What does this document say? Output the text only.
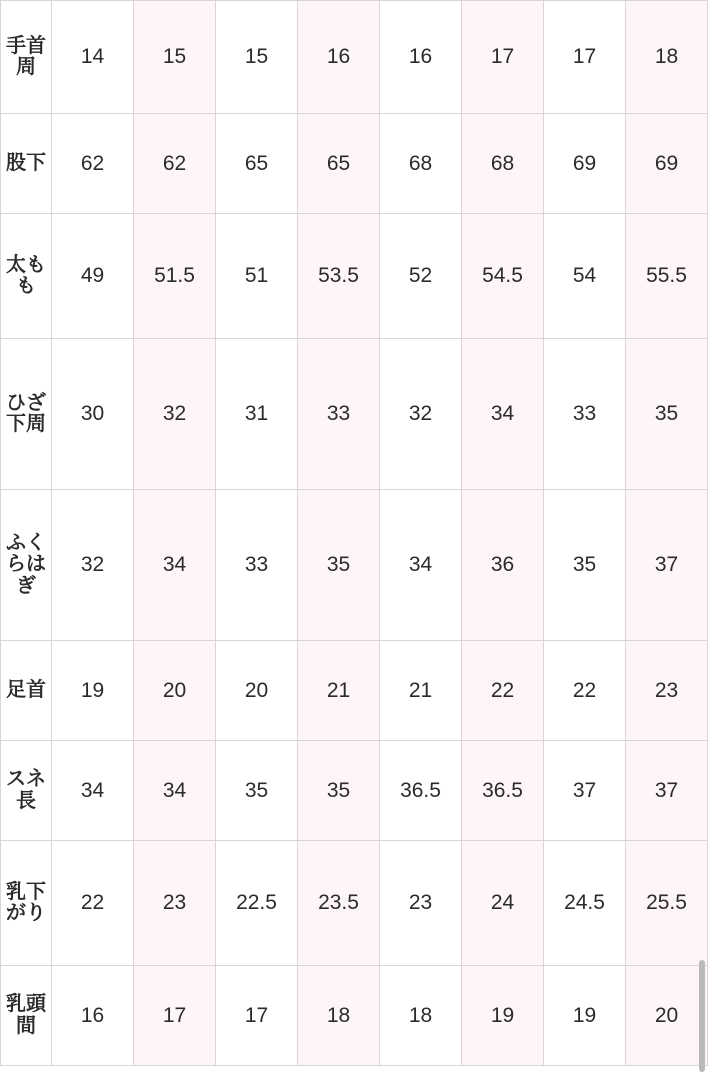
手首周	14	15	15	16	16	17	17	18
股下	62	62	65	65	68	68	69	69
太もも	49	51.5	51	53.5	52	54.5	54	55.5
ひざ下周	30	32	31	33	32	34	33	35
ふくらはぎ	32	34	33	35	34	36	35	37
足首	19	20	20	21	21	22	22	23
スネ長	34	34	35	35	36.5	36.5	37	37
乳下がり	22	23	22.5	23.5	23	24	24.5	25.5
乳頭間	16	17	17	18	18	19	19	20
